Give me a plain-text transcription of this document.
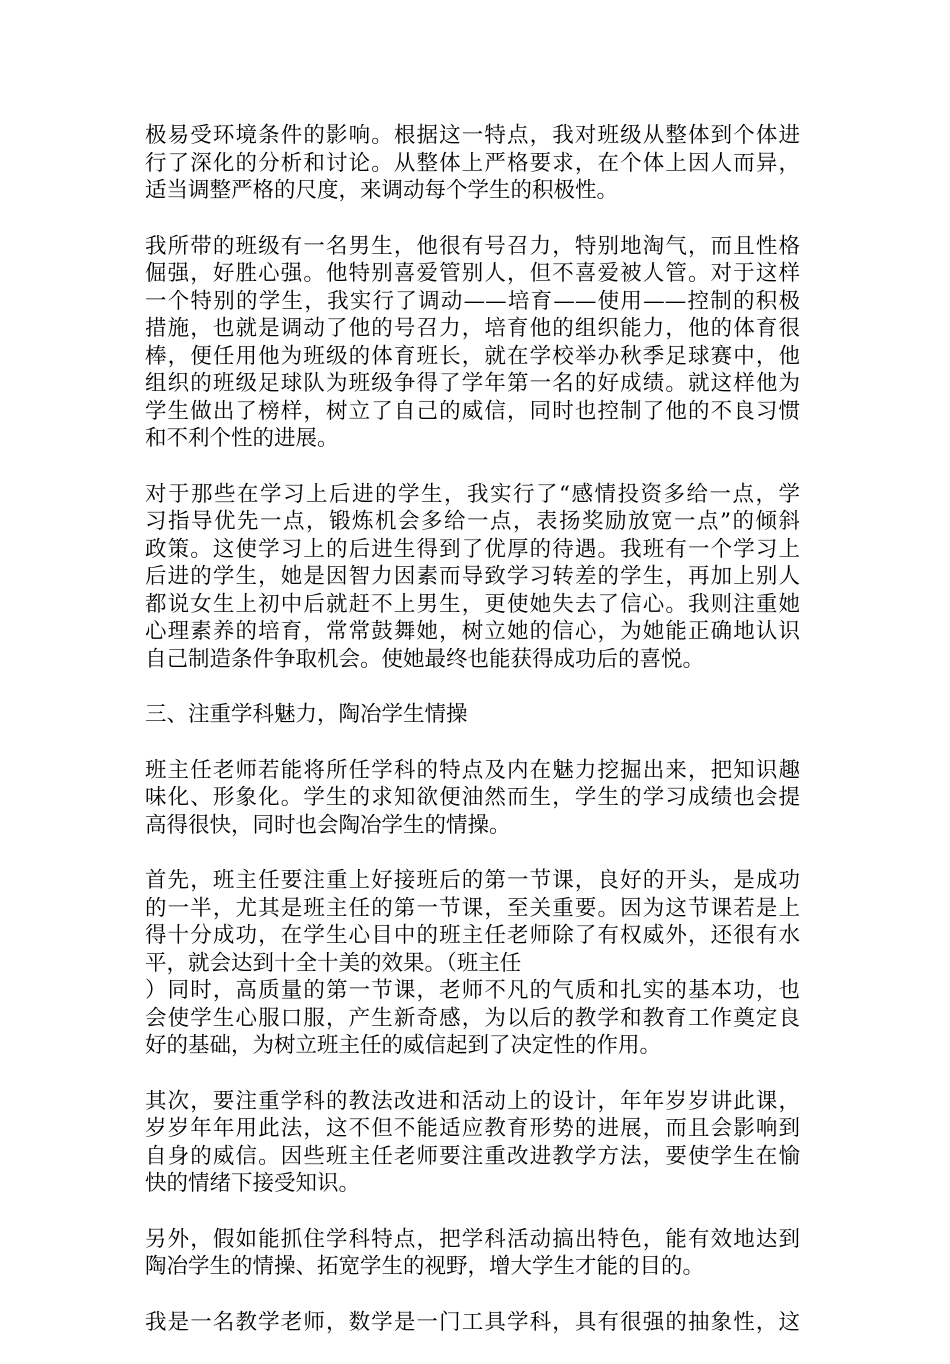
极易受环境条件的影响。根据这一特点，我对班级从整体到个体进
行了深化的分析和讨论。从整体上严格要求，在个体上因人而异，
适当调整严格的尺度，来调动每个学生的积极性。
我所带的班级有一名男生，他很有号召力，特别地淘气，而且性格
倔强，好胜心强。他特别喜爱管别人，但不喜爱被人管。对于这样
一个特别的学生，我实行了调动——培育——使用——控制的积极
措施，也就是调动了他的号召力，培育他的组织能力，他的体育很
棒，便任用他为班级的体育班长，就在学校举办秋季足球赛中，他
组织的班级足球队为班级争得了学年第一名的好成绩。就这样他为
学生做出了榜样，树立了自己的威信，同时也控制了他的不良习惯
和不利个性的进展。
对于那些在学习上后进的学生，我实行了“感情投资多给一点，学
习指导优先一点，锻炼机会多给一点，表扬奖励放宽一点”的倾斜
政策。这使学习上的后进生得到了优厚的待遇。我班有一个学习上
后进的学生，她是因智力因素而导致学习转差的学生，再加上别人
都说女生上初中后就赶不上男生，更使她失去了信心。我则注重她
心理素养的培育，常常鼓舞她，树立她的信心，为她能正确地认识
自己制造条件争取机会。使她最终也能获得成功后的喜悦。
三、注重学科魅力，陶冶学生情操
班主任老师若能将所任学科的特点及内在魅力挖掘出来，把知识趣
味化、形象化。学生的求知欲便油然而生，学生的学习成绩也会提
高得很快，同时也会陶冶学生的情操。
首先，班主任要注重上好接班后的第一节课，良好的开头，是成功
的一半，尤其是班主任的第一节课，至关重要。因为这节课若是上
得十分成功，在学生心目中的班主任老师除了有权威外，还很有水
平，就会达到十全十美的效果。（班主任
）同时，高质量的第一节课，老师不凡的气质和扎实的基本功，也
会使学生心服口服，产生新奇感，为以后的教学和教育工作奠定良
好的基础，为树立班主任的威信起到了决定性的作用。
其次，要注重学科的教法改进和活动上的设计，年年岁岁讲此课，
岁岁年年用此法，这不但不能适应教育形势的进展，而且会影响到
自身的威信。因些班主任老师要注重改进教学方法，要使学生在愉
快的情绪下接受知识。
另外，假如能抓住学科特点，把学科活动搞出特色，能有效地达到
陶冶学生的情操、拓宽学生的视野，增大学生才能的目的。
我是一名教学老师，数学是一门工具学科，具有很强的抽象性，这
